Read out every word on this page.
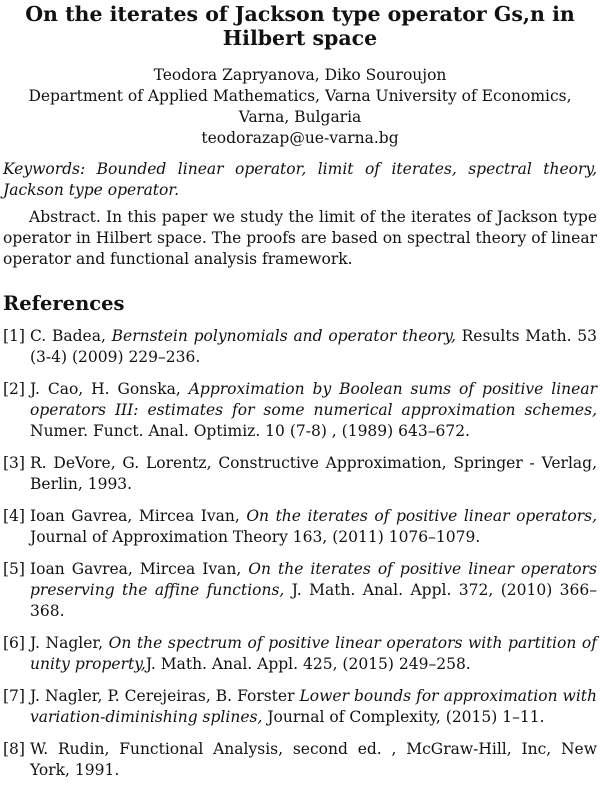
On the iterates of Jackson type operator Gs,n in Hilbert space
Teodora Zapryanova, Diko Souroujon
Department of Applied Mathematics, Varna University of Economics,
Varna, Bulgaria
teodorazap@ue-varna.bg
Keywords: Bounded linear operator, limit of iterates, spectral theory, Jackson type operator.
Abstract. In this paper we study the limit of the iterates of Jackson type operator in Hilbert space. The proofs are based on spectral theory of linear operator and functional analysis framework.
References
[1] C. Badea, Bernstein polynomials and operator theory, Results Math. 53 (3-4) (2009) 229–236.
[2] J. Cao, H. Gonska, Approximation by Boolean sums of positive linear operators III: estimates for some numerical approximation schemes, Numer. Funct. Anal. Optimiz. 10 (7-8) , (1989) 643–672.
[3] R. DeVore, G. Lorentz, Constructive Approximation, Springer - Verlag, Berlin, 1993.
[4] Ioan Gavrea, Mircea Ivan, On the iterates of positive linear operators, Journal of Approximation Theory 163, (2011) 1076–1079.
[5] Ioan Gavrea, Mircea Ivan, On the iterates of positive linear operators preserving the affine functions, J. Math. Anal. Appl. 372, (2010) 366–368.
[6] J. Nagler, On the spectrum of positive linear operators with partition of unity property,J. Math. Anal. Appl. 425, (2015) 249–258.
[7] J. Nagler, P. Cerejeiras, B. Forster Lower bounds for approximation with variation-diminishing splines, Journal of Complexity, (2015) 1–11.
[8] W. Rudin, Functional Analysis, second ed. , McGraw-Hill, Inc, New York, 1991.
